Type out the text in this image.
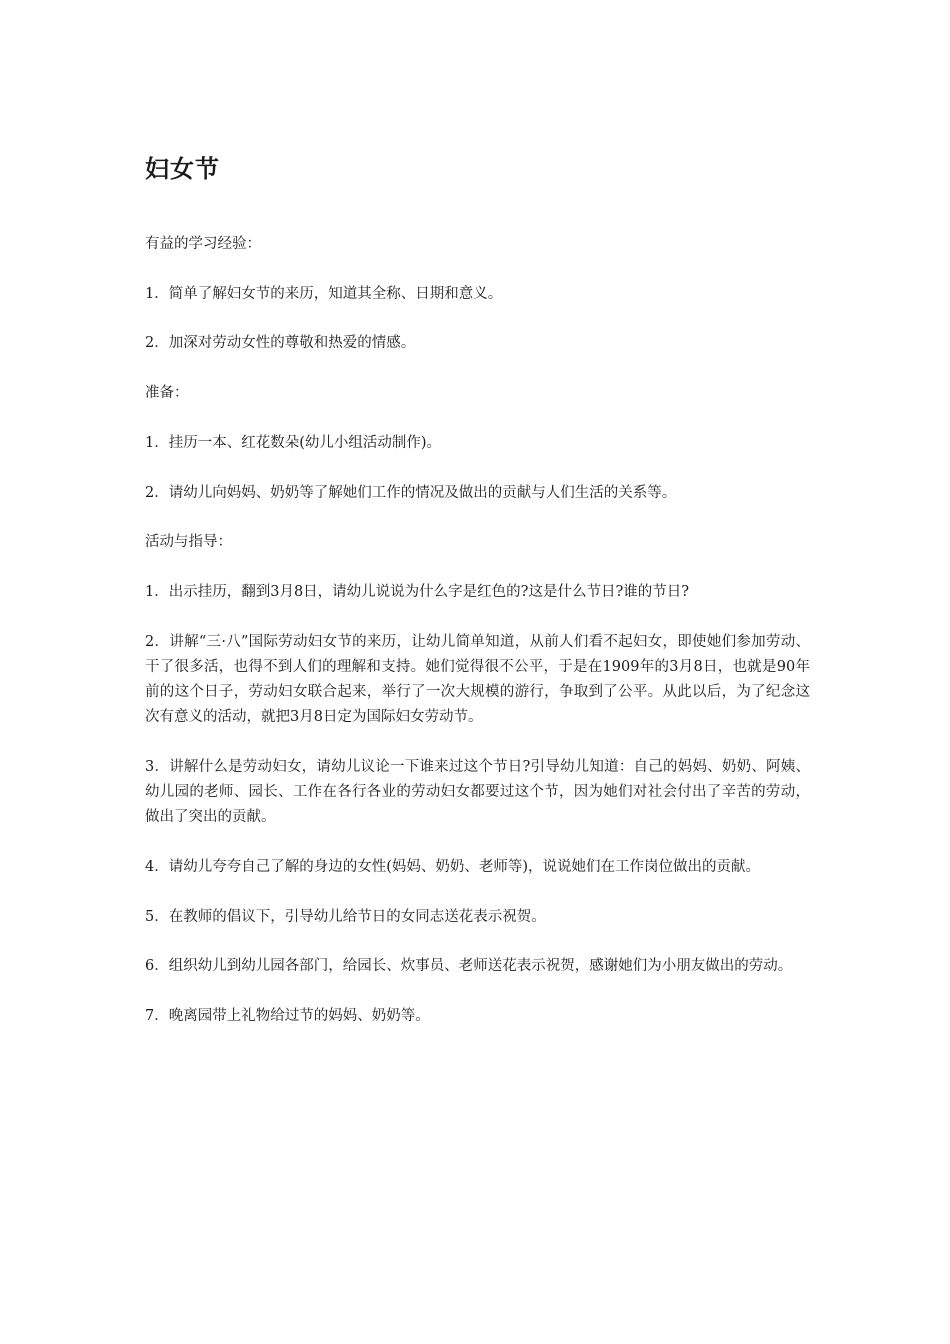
妇女节

有益的学习经验：

1．简单了解妇女节的来历，知道其全称、日期和意义。

2．加深对劳动女性的尊敬和热爱的情感。

准备：

1．挂历一本、红花数朵(幼儿小组活动制作)。

2．请幼儿向妈妈、奶奶等了解她们工作的情况及做出的贡献与人们生活的关系等。

活动与指导：

1．出示挂历，翻到3月8日，请幼儿说说为什么字是红色的?这是什么节日?谁的节日?

2．讲解“三·八”国际劳动妇女节的来历，让幼儿简单知道，从前人们看不起妇女，即使她们参加劳动、干了很多活，也得不到人们的理解和支持。她们觉得很不公平，于是在1909年的3月8日，也就是90年前的这个日子，劳动妇女联合起来，举行了一次大规模的游行，争取到了公平。从此以后，为了纪念这次有意义的活动，就把3月8日定为国际妇女劳动节。

3．讲解什么是劳动妇女，请幼儿议论一下谁来过这个节日?引导幼儿知道：自己的妈妈、奶奶、阿姨、幼儿园的老师、园长、工作在各行各业的劳动妇女都要过这个节，因为她们对社会付出了辛苦的劳动，做出了突出的贡献。

4．请幼儿夸夸自己了解的身边的女性(妈妈、奶奶、老师等)，说说她们在工作岗位做出的贡献。

5．在教师的倡议下，引导幼儿给节日的女同志送花表示祝贺。

6．组织幼儿到幼儿园各部门，给园长、炊事员、老师送花表示祝贺，感谢她们为小朋友做出的劳动。

7．晚离园带上礼物给过节的妈妈、奶奶等。
